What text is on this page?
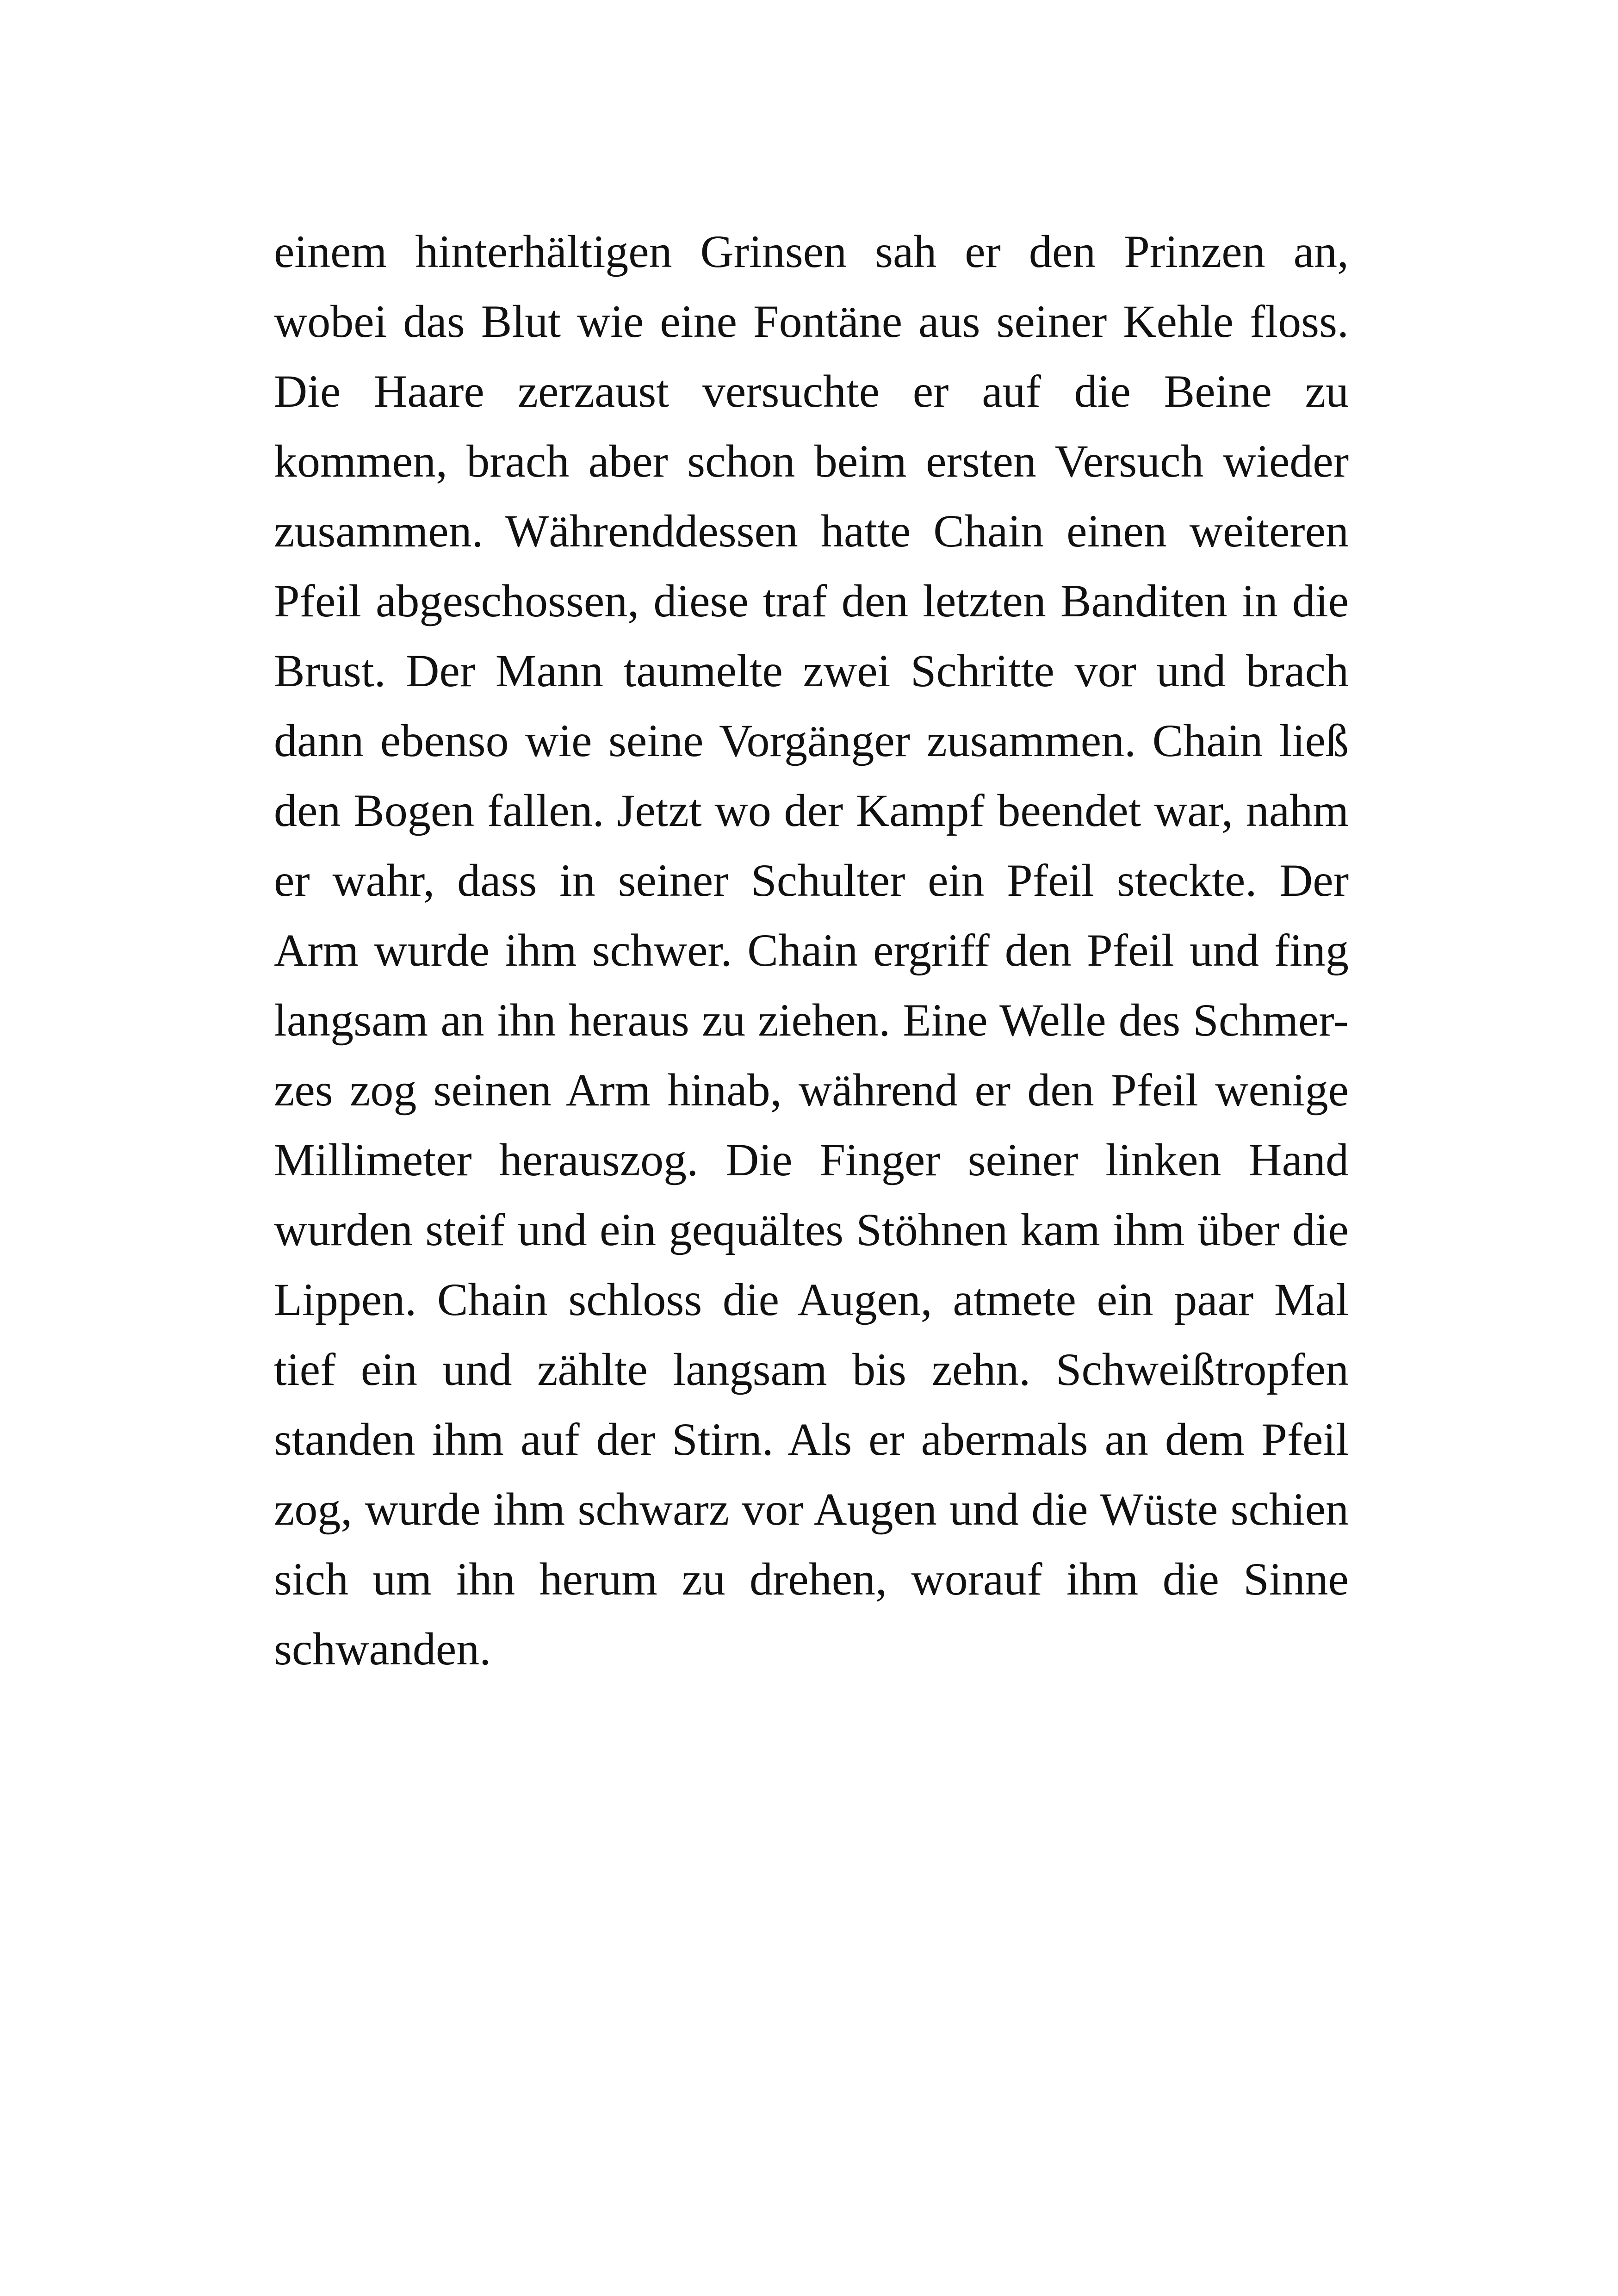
einem hinterhältigen Grinsen sah er den Prinzen an,
wobei das Blut wie eine Fontäne aus seiner Kehle floss.
Die Haare zerzaust versuchte er auf die Beine zu
kommen, brach aber schon beim ersten Versuch wieder
zusammen. Währenddessen hatte Chain einen weiteren
Pfeil abgeschossen, diese traf den letzten Banditen in die
Brust. Der Mann taumelte zwei Schritte vor und brach
dann ebenso wie seine Vorgänger zusammen. Chain ließ
den Bogen fallen. Jetzt wo der Kampf beendet war, nahm
er wahr, dass in seiner Schulter ein Pfeil steckte. Der
Arm wurde ihm schwer. Chain ergriff den Pfeil und fing
langsam an ihn heraus zu ziehen. Eine Welle des Schmer-
zes zog seinen Arm hinab, während er den Pfeil wenige
Millimeter herauszog. Die Finger seiner linken Hand
wurden steif und ein gequältes Stöhnen kam ihm über die
Lippen. Chain schloss die Augen, atmete ein paar Mal
tief ein und zählte langsam bis zehn. Schweißtropfen
standen ihm auf der Stirn. Als er abermals an dem Pfeil
zog, wurde ihm schwarz vor Augen und die Wüste schien
sich um ihn herum zu drehen, worauf ihm die Sinne
schwanden.
